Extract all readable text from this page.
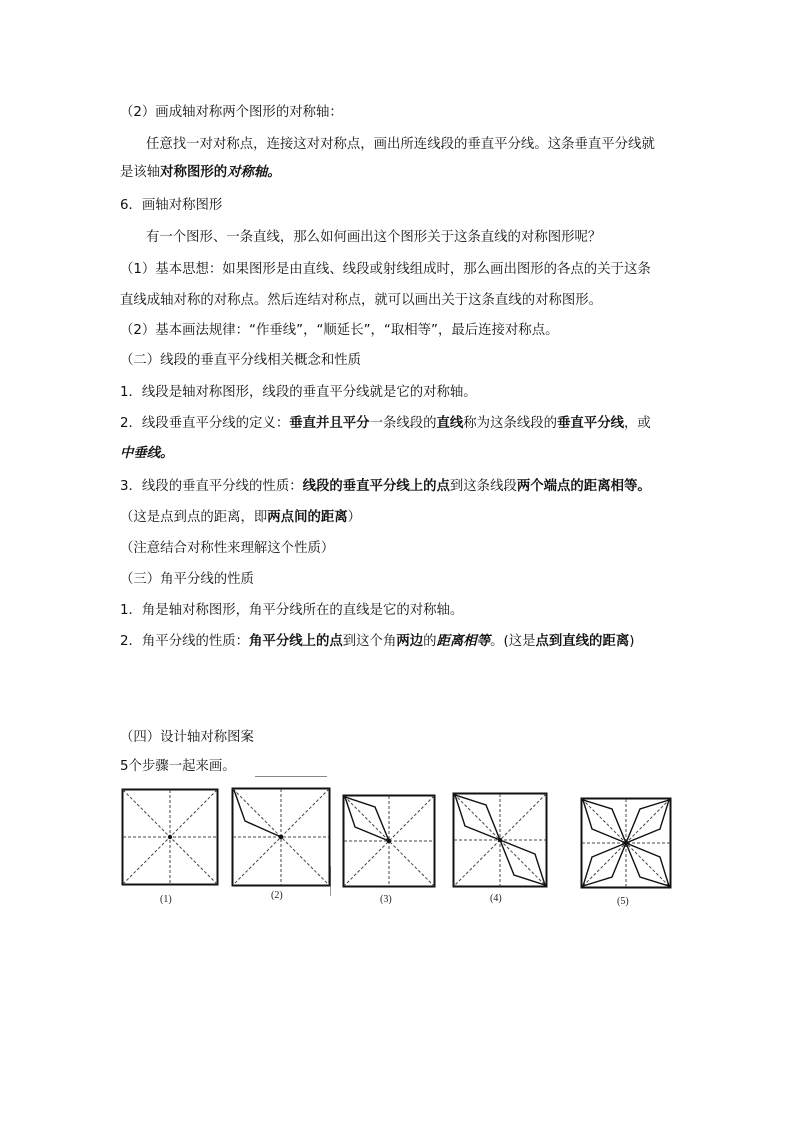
（2）画成轴对称两个图形的对称轴：

任意找一对对称点，连接这对对称点，画出所连线段的垂直平分线。这条垂直平分线就

是该轴对称图形的对称轴。

6．画轴对称图形

有一个图形、一条直线，那么如何画出这个图形关于这条直线的对称图形呢？

（1）基本思想：如果图形是由直线、线段或射线组成时，那么画出图形的各点的关于这条

直线成轴对称的对称点。然后连结对称点，就可以画出关于这条直线的对称图形。

（2）基本画法规律：“作垂线”，“顺延长”，“取相等”，最后连接对称点。

（二）线段的垂直平分线相关概念和性质

1．线段是轴对称图形，线段的垂直平分线就是它的对称轴。

2．线段垂直平分线的定义：垂直并且平分一条线段的直线称为这条线段的垂直平分线，或

中垂线。

3．线段的垂直平分线的性质：线段的垂直平分线上的点到这条线段两个端点的距离相等。

（这是点到点的距离，即两点间的距离）

（注意结合对称性来理解这个性质）

（三）角平分线的性质

1．角是轴对称图形，角平分线所在的直线是它的对称轴。

2．角平分线的性质：角平分线上的点到这个角两边的距离相等。(这是点到直线的距离)

（四）设计轴对称图案

5个步骤一起来画。

(1)	(2)	(3)	(4)	(5)
